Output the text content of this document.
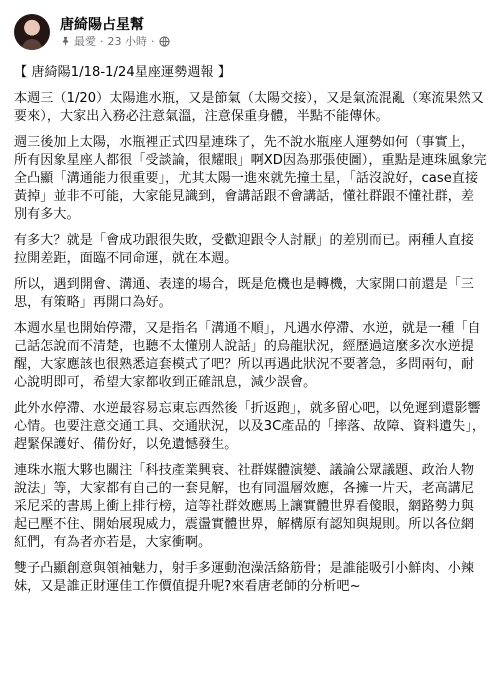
唐綺陽占星幫
最愛 · 23 小時 ·
【 唐綺陽1/18-1/24星座運勢週報 】
本週三（1/20）太陽進水瓶，又是節氣（太陽交接），又是氣流混亂（寒流果然又要來），大家出入務必注意氣溫，注意保重身體，半點不能傳休。
週三後加上太陽，水瓶裡正式四星連珠了，先不說水瓶座人運勢如何（事實上，所有因象星座人都很「受談論，很耀眼」啊XD因為那張使圖），重點是連珠風象完全凸顯「溝通能力很重要」，尤其太陽一進來就先撞土星，「話沒說好，case直接黃掉」並非不可能，大家能見識到，會講話跟不會講話，懂社群跟不懂社群，差別有多大。
有多大？就是「會成功跟很失敗，受歡迎跟令人討厭」的差別而已。兩種人直接拉開差距，面臨不同命運，就在本週。
所以，遇到開會、溝通、表達的場合，既是危機也是轉機，大家開口前還是「三思，有策略」再開口為好。
本週水星也開始停滯，又是指名「溝通不順」，凡遇水停滯、水逆，就是一種「自己話怎說而不清楚，也聽不太懂別人說話」的烏龍狀況，經歷過這麼多次水逆提醒，大家應該也很熟悉這套模式了吧？所以再遇此狀況不要著急，多問兩句，耐心說明即可，希望大家都收到正確訊息，減少誤會。
此外水停滯、水逆最容易忘東忘西然後「折返跑」，就多留心吧，以免遲到還影響心情。也要注意交通工具、交通狀況，以及3C產品的「摔落、故障、資料遺失」，趕緊保護好、備份好，以免遺憾發生。
連珠水瓶大夥也關注「科技產業興衰、社群媒體演變、議論公眾議題、政治人物說法」等，大家都有自己的一套見解，也有同溫層效應，各擁一片天，老高講尼采尼采的書馬上衝上排行榜，這等社群效應馬上讓實體世界看傻眼，網路勢力與起已壓不住、開始展現威力，震盪實體世界，解構原有認知與規則。所以各位網紅們，有為者亦若是，大家衝啊。
雙子凸顯創意與領袖魅力，射手多運動泡澡活絡筋骨；是誰能吸引小鮮肉、小辣妹，又是誰正財運佳工作價值提升呢?來看唐老師的分析吧~
